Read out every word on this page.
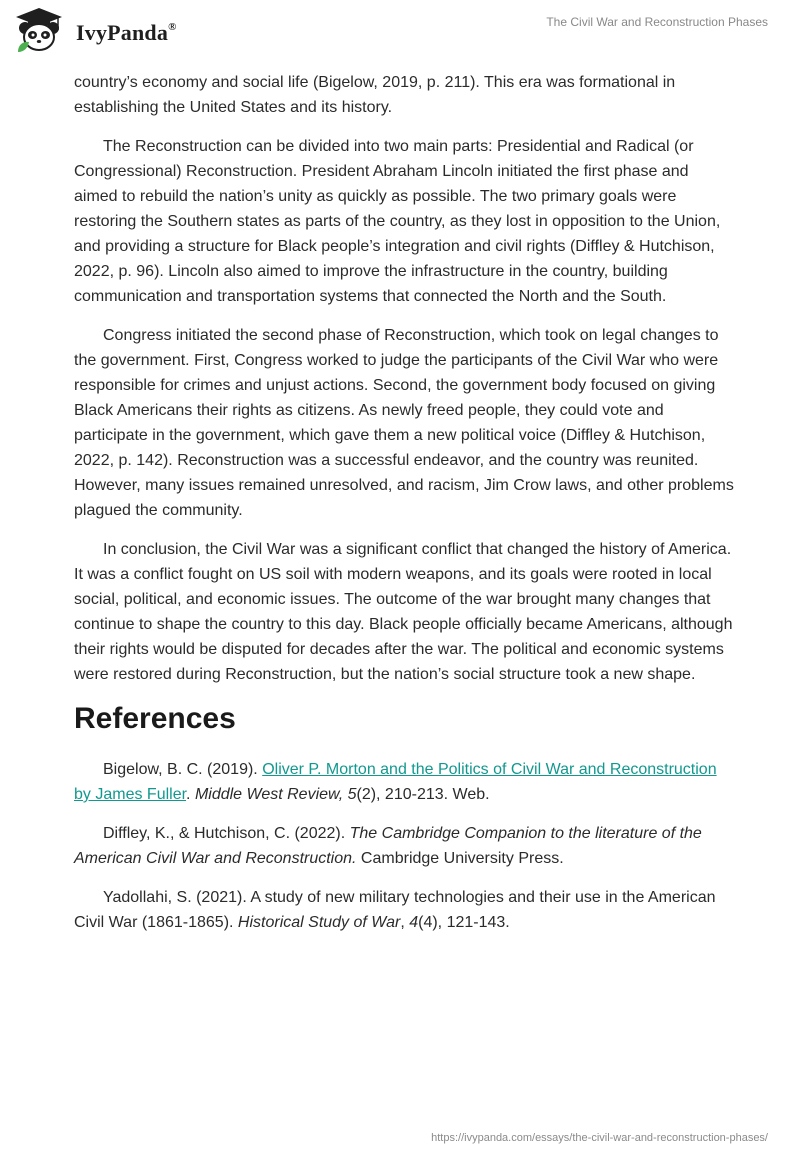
IvyPanda®	The Civil War and Reconstruction Phases

country’s economy and social life (Bigelow, 2019, p. 211). This era was formational in establishing the United States and its history.

The Reconstruction can be divided into two main parts: Presidential and Radical (or Congressional) Reconstruction. President Abraham Lincoln initiated the first phase and aimed to rebuild the nation’s unity as quickly as possible. The two primary goals were restoring the Southern states as parts of the country, as they lost in opposition to the Union, and providing a structure for Black people’s integration and civil rights (Diffley & Hutchison, 2022, p. 96). Lincoln also aimed to improve the infrastructure in the country, building communication and transportation systems that connected the North and the South.

Congress initiated the second phase of Reconstruction, which took on legal changes to the government. First, Congress worked to judge the participants of the Civil War who were responsible for crimes and unjust actions. Second, the government body focused on giving Black Americans their rights as citizens. As newly freed people, they could vote and participate in the government, which gave them a new political voice (Diffley & Hutchison, 2022, p. 142). Reconstruction was a successful endeavor, and the country was reunited. However, many issues remained unresolved, and racism, Jim Crow laws, and other problems plagued the community.

In conclusion, the Civil War was a significant conflict that changed the history of America. It was a conflict fought on US soil with modern weapons, and its goals were rooted in local social, political, and economic issues. The outcome of the war brought many changes that continue to shape the country to this day. Black people officially became Americans, although their rights would be disputed for decades after the war. The political and economic systems were restored during Reconstruction, but the nation’s social structure took a new shape.

References

Bigelow, B. C. (2019). Oliver P. Morton and the Politics of Civil War and Reconstruction by James Fuller. Middle West Review, 5(2), 210-213. Web.

Diffley, K., & Hutchison, C. (2022). The Cambridge Companion to the literature of the American Civil War and Reconstruction. Cambridge University Press.

Yadollahi, S. (2021). A study of new military technologies and their use in the American Civil War (1861-1865). Historical Study of War, 4(4), 121-143.

https://ivypanda.com/essays/the-civil-war-and-reconstruction-phases/
